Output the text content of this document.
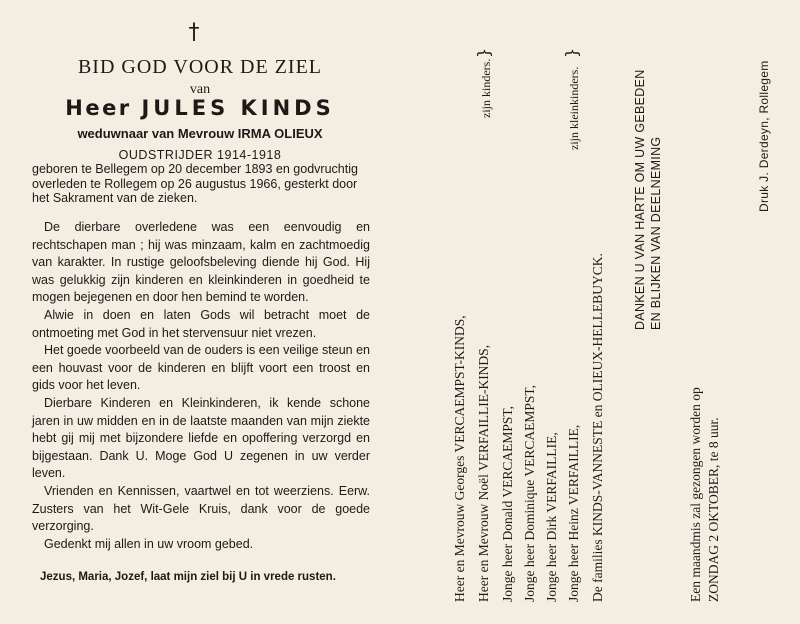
†
BID GOD VOOR DE ZIEL
van
Heer JULES KINDS
weduwnaar van Mevrouw IRMA OLIEUX
OUDSTRIJDER 1914-1918
geboren te Bellegem op 20 december 1893 en godvruchtig overleden te Rollegem op 26 augustus 1966, gesterkt door het Sakrament van de zieken.

De dierbare overledene was een eenvoudig en rechtschapen man ; hij was minzaam, kalm en zachtmoedig van karakter. In rustige geloofsbeleving diende hij God. Hij was gelukkig zijn kinderen en kleinkinderen in goedheid te mogen bejegenen en door hen bemind te worden.

Alwie in doen en laten Gods wil betracht moet de ontmoeting met God in het stervensuur niet vrezen.

Het goede voorbeeld van de ouders is een veilige steun en een houvast voor de kinderen en blijft voort een troost en gids voor het leven.

Dierbare Kinderen en Kleinkinderen, ik kende schone jaren in uw midden en in de laatste maanden van mijn ziekte hebt gij mij met bijzondere liefde en opoffering verzorgd en bijgestaan. Dank U. Moge God U zegenen in uw verder leven.

Vrienden en Kennissen, vaartwel en tot weerziens. Eerw. Zusters van het Wit-Gele Kruis, dank voor de goede verzorging.

Gedenkt mij allen in uw vroom gebed.

Jezus, Maria, Jozef, laat mijn ziel bij U in vrede rusten.	Heer en Mevrouw Georges VERCAEMPST-KINDS, Heer en Mevrouw Noël VERFAILLIE-KINDS, Jonge heer Donald VERCAEMPST, Jonge heer Dominique VERCAEMPST, Jonge heer Dirk VERFAILLIE, Jonge heer Heinz VERFAILLIE, De families KINDS-VANNESTE en OLIEUX-HELLEBUYCK.
}
zijn kinders.
}
zijn kleinkinders.	DANKEN U VAN HARTE OM UW GEBEDEN EN BLIJKEN VAN DEELNEMING
Een maandmis zal gezongen worden op ZONDAG 2 OKTOBER, te 8 uur.
Druk J. Derdeyn, Rollegem
